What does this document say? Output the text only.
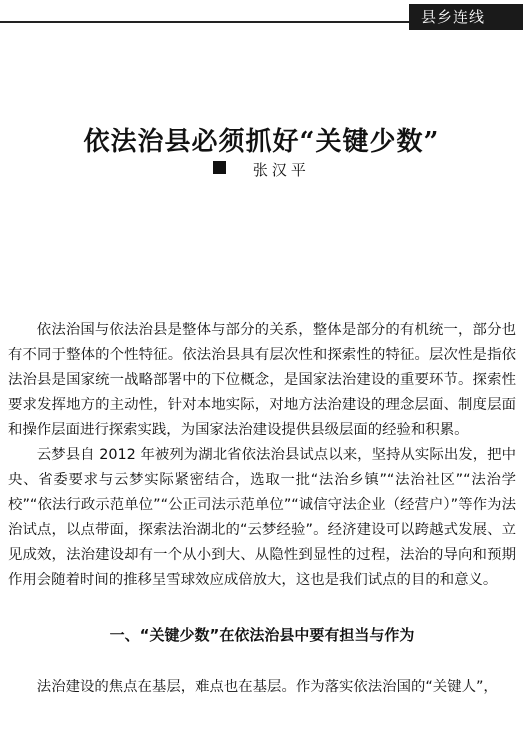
县乡连线
依法治县必须抓好“关键少数”
张汉平

依法治国与依法治县是整体与部分的关系，整体是部分的有机统一，部分也有不同于整体的个性特征。依法治县具有层次性和探索性的特征。层次性是指依法治县是国家统一战略部署中的下位概念，是国家法治建设的重要环节。探索性要求发挥地方的主动性，针对本地实际，对地方法治建设的理念层面、制度层面和操作层面进行探索实践，为国家法治建设提供县级层面的经验和积累。

云梦县自 2012 年被列为湖北省依法治县试点以来，坚持从实际出发，把中央、省委要求与云梦实际紧密结合，选取一批“法治乡镇”“法治社区”“法治学校”“依法行政示范单位”“公正司法示范单位”“诚信守法企业（经营户）”等作为法治试点，以点带面，探索法治湖北的“云梦经验”。经济建设可以跨越式发展、立见成效，法治建设却有一个从小到大、从隐性到显性的过程，法治的导向和预期作用会随着时间的推移呈雪球效应成倍放大，这也是我们试点的目的和意义。

一、“关键少数”在依法治县中要有担当与作为

法治建设的焦点在基层，难点也在基层。作为落实依法治国的“关键人”，
